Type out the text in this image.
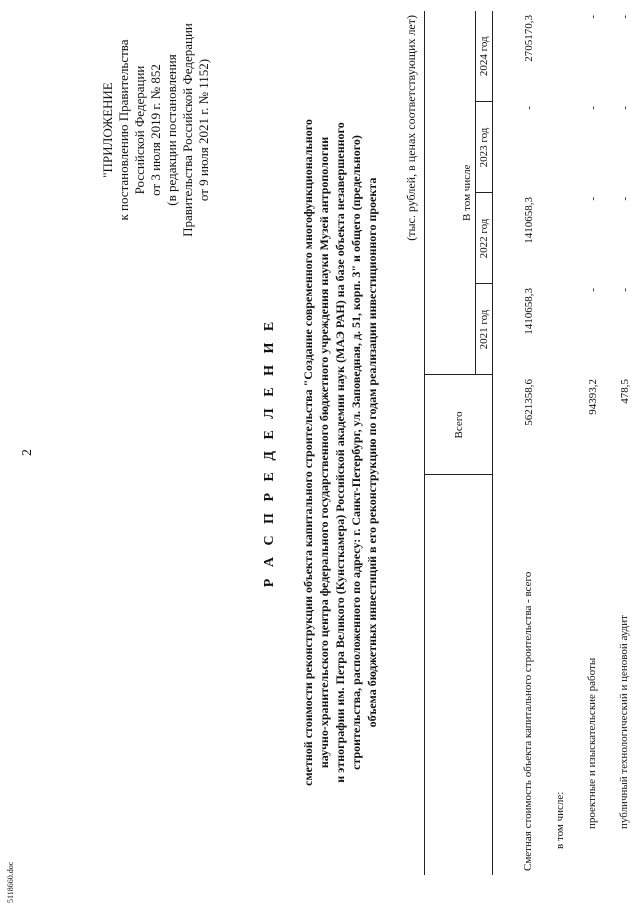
5118660.doc
2
"ПРИЛОЖЕНИЕ к постановлению Правительства Российской Федерации от 3 июля 2019 г. № 852 (в редакции постановления Правительства Российской Федерации от 9 июля 2021 г. № 1152)
Р А С П Р Е Д Е Л Е Н И Е сметной стоимости реконструкции объекта капитального строительства "Создание современного многофункционального научно-хранительского центра федерального государственного бюджетного учреждения науки Музей антропологии и этнографии им. Петра Великого (Кунсткамера) Российской академии наук (МАЭ РАН) на базе объекта незавершенного строительства, расположенного по адресу: г. Санкт-Петербург, ул. Заповедная, д. 51, корп. 3" и общего (предельного) объема бюджетных инвестиций в его реконструкцию по годам реализации инвестиционного проекта
(тыс. рублей, в ценах соответствующих лет)
	Всего				
		В том числе			
		2021 год	2022 год	2023 год	2024 год
Сметная стоимость объекта капитального строительства - всего	5621358,6	1410658,3	1410658,3	-	2705170,3
в том числе:					
проектные и изыскательские работы	94393,2	-	-	-	-
публичный технологический и ценовой аудит	478,5	-	-	-	-
